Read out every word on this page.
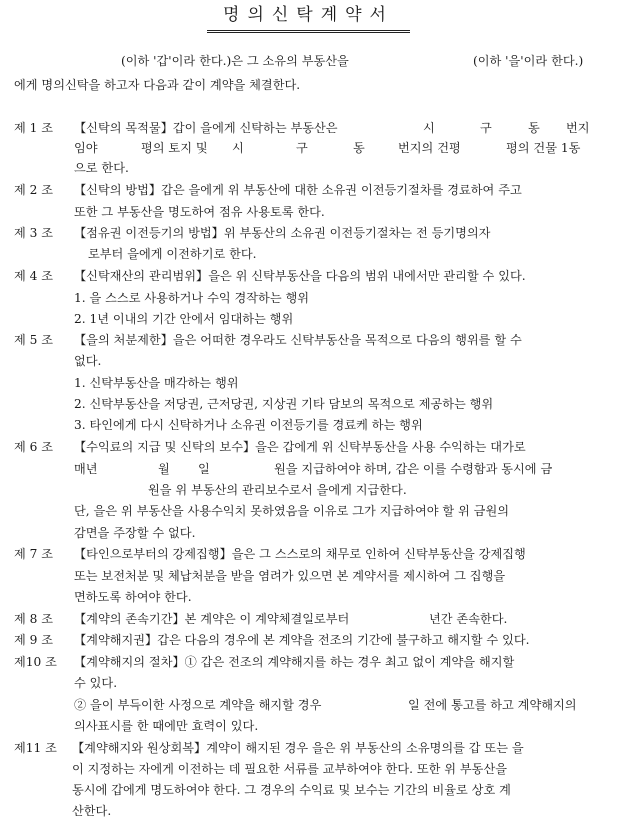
명의신탁계약서
(이하 '갑'이라 한다.)은 그 소유의 부동산을	(이하 '을'이라 한다.)
에게 명의신탁을 하고자 다음과 같이 계약을 체결한다.
제 1 조 【신탁의 목적물】갑이 을에게 신탁하는 부동산은	시	구	동 번지
임야	평의 토지 및 시	구	동	번지의 건평	평의 건물 1동
으로 한다.
제 2 조 【신탁의 방법】갑은 을에게 위 부동산에 대한 소유권 이전등기절차를 경료하여 주고
또한 그 부동산을 명도하여 점유 사용토록 한다.
제 3 조 【점유권 이전등기의 방법】위 부동산의 소유권 이전등기절차는 전 등기명의자
로부터 을에게 이전하기로 한다.
제 4 조 【신탁재산의 관리범위】을은 위 신탁부동산을 다음의 범위 내에서만 관리할 수 있다.
1. 을 스스로 사용하거나 수익 경작하는 행위
2. 1년 이내의 기간 안에서 임대하는 행위
제 5 조 【을의 처분제한】을은 어떠한 경우라도 신탁부동산을 목적으로 다음의 행위를 할 수
없다.
1. 신탁부동산을 매각하는 행위
2. 신탁부동산을 저당권, 근저당권, 지상권 기타 담보의 목적으로 제공하는 행위
3. 타인에게 다시 신탁하거나 소유권 이전등기를 경료케 하는 행위
제 6 조 【수익료의 지급 및 신탁의 보수】을은 갑에게 위 신탁부동산을 사용 수익하는 대가로
매년	월 일	원을 지급하여야 하며, 갑은 이를 수령함과 동시에 금
원을 위 부동산의 관리보수로서 을에게 지급한다.
단, 을은 위 부동산을 사용수익치 못하였음을 이유로 그가 지급하여야 할 위 금원의
감면을 주장할 수 없다.
제 7 조 【타인으로부터의 강제집행】을은 그 스스로의 채무로 인하여 신탁부동산을 강제집행
또는 보전처분 및 체납처분을 받을 염려가 있으면 본 계약서를 제시하여 그 집행을
면하도록 하여야 한다.
제 8 조 【계약의 존속기간】본 계약은 이 계약체결일로부터	년간 존속한다.
제 9 조 【계약해지권】갑은 다음의 경우에 본 계약을 전조의 기간에 불구하고 해지할 수 있다.
제10 조 【계약해지의 절차】① 갑은 전조의 계약해지를 하는 경우 최고 없이 계약을 해지할
수 있다.
② 을이 부득이한 사정으로 계약을 해지할 경우	일 전에 통고를 하고 계약해지의
의사표시를 한 때에만 효력이 있다.
제11 조 【계약해지와 원상회복】계약이 해지된 경우 을은 위 부동산의 소유명의를 갑 또는 을
이 지정하는 자에게 이전하는 데 필요한 서류를 교부하여야 한다. 또한 위 부동산을
동시에 갑에게 명도하여야 한다. 그 경우의 수익료 및 보수는 기간의 비율로 상호 계
산한다.
